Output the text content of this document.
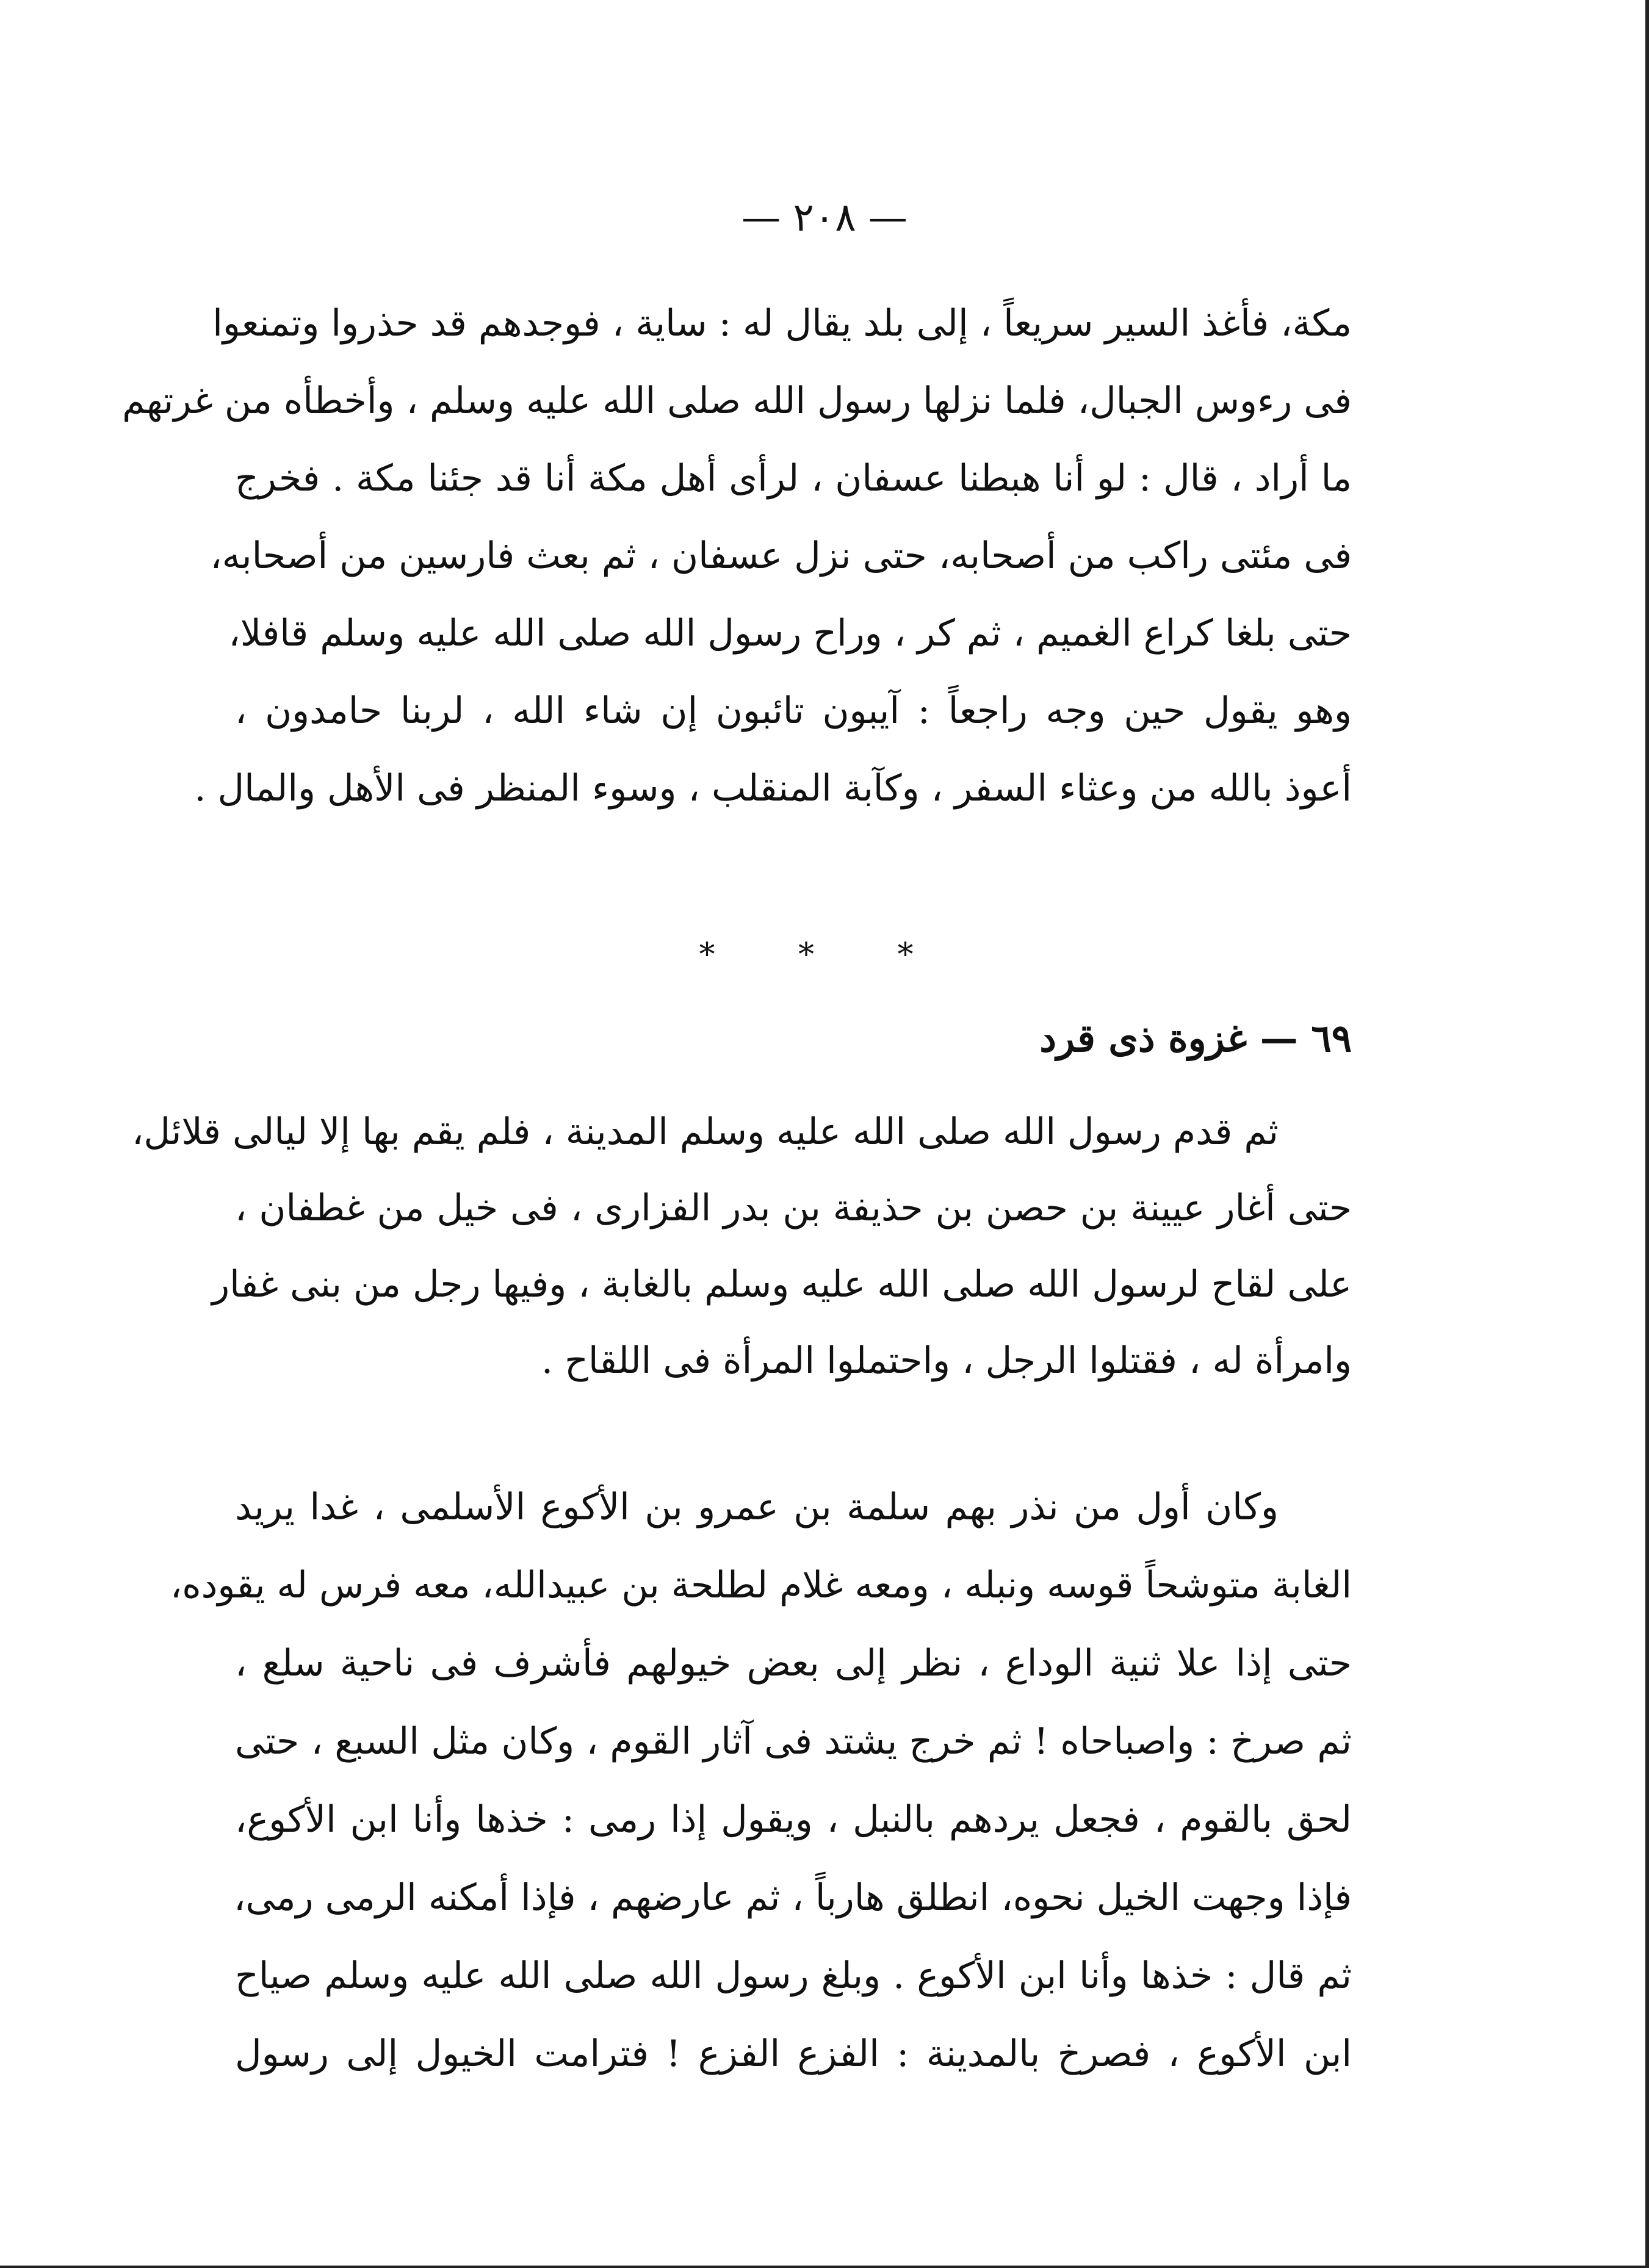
— ٢٠٨ —
مكة، فأغذ السير سريعاً ، إلى بلد يقال له : ساية ، فوجدهم قد حذروا وتمنعوا
فى رءوس الجبال، فلما نزلها رسول الله صلى الله عليه وسلم ، وأخطأه من غرتهم
ما أراد ، قال : لو أنا هبطنا عسفان ، لرأى أهل مكة أنا قد جئنا مكة . فخرج
فى مئتى راكب من أصحابه، حتى نزل عسفان ، ثم بعث فارسين من أصحابه،
حتى بلغا كراع الغميم ، ثم كر ، وراح رسول الله صلى الله عليه وسلم قافلا،
وهو يقول حين وجه راجعاً : آيبون تائبون إن شاء الله ، لربنا حامدون ،
أعوذ بالله من وعثاء السفر ، وكآبة المنقلب ، وسوء المنظر فى الأهل والمال .
* * *
٦٩ — غزوة ذى قرد
ثم قدم رسول الله صلى الله عليه وسلم المدينة ، فلم يقم بها إلا ليالى قلائل،
حتى أغار عيينة بن حصن بن حذيفة بن بدر الفزارى ، فى خيل من غطفان ،
على لقاح لرسول الله صلى الله عليه وسلم بالغابة ، وفيها رجل من بنى غفار
وامرأة له ، فقتلوا الرجل ، واحتملوا المرأة فى اللقاح .
وكان أول من نذر بهم سلمة بن عمرو بن الأكوع الأسلمى ، غدا يريد
الغابة متوشحاً قوسه ونبله ، ومعه غلام لطلحة بن عبيدالله، معه فرس له يقوده،
حتى إذا علا ثنية الوداع ، نظر إلى بعض خيولهم فأشرف فى ناحية سلع ،
ثم صرخ : واصباحاه ! ثم خرج يشتد فى آثار القوم ، وكان مثل السبع ، حتى
لحق بالقوم ، فجعل يردهم بالنبل ، ويقول إذا رمى : خذها وأنا ابن الأكوع،
فإذا وجهت الخيل نحوه، انطلق هارباً ، ثم عارضهم ، فإذا أمكنه الرمى رمى،
ثم قال : خذها وأنا ابن الأكوع . وبلغ رسول الله صلى الله عليه وسلم صياح
ابن الأكوع ، فصرخ بالمدينة : الفزع الفزع ! فترامت الخيول إلى رسول
